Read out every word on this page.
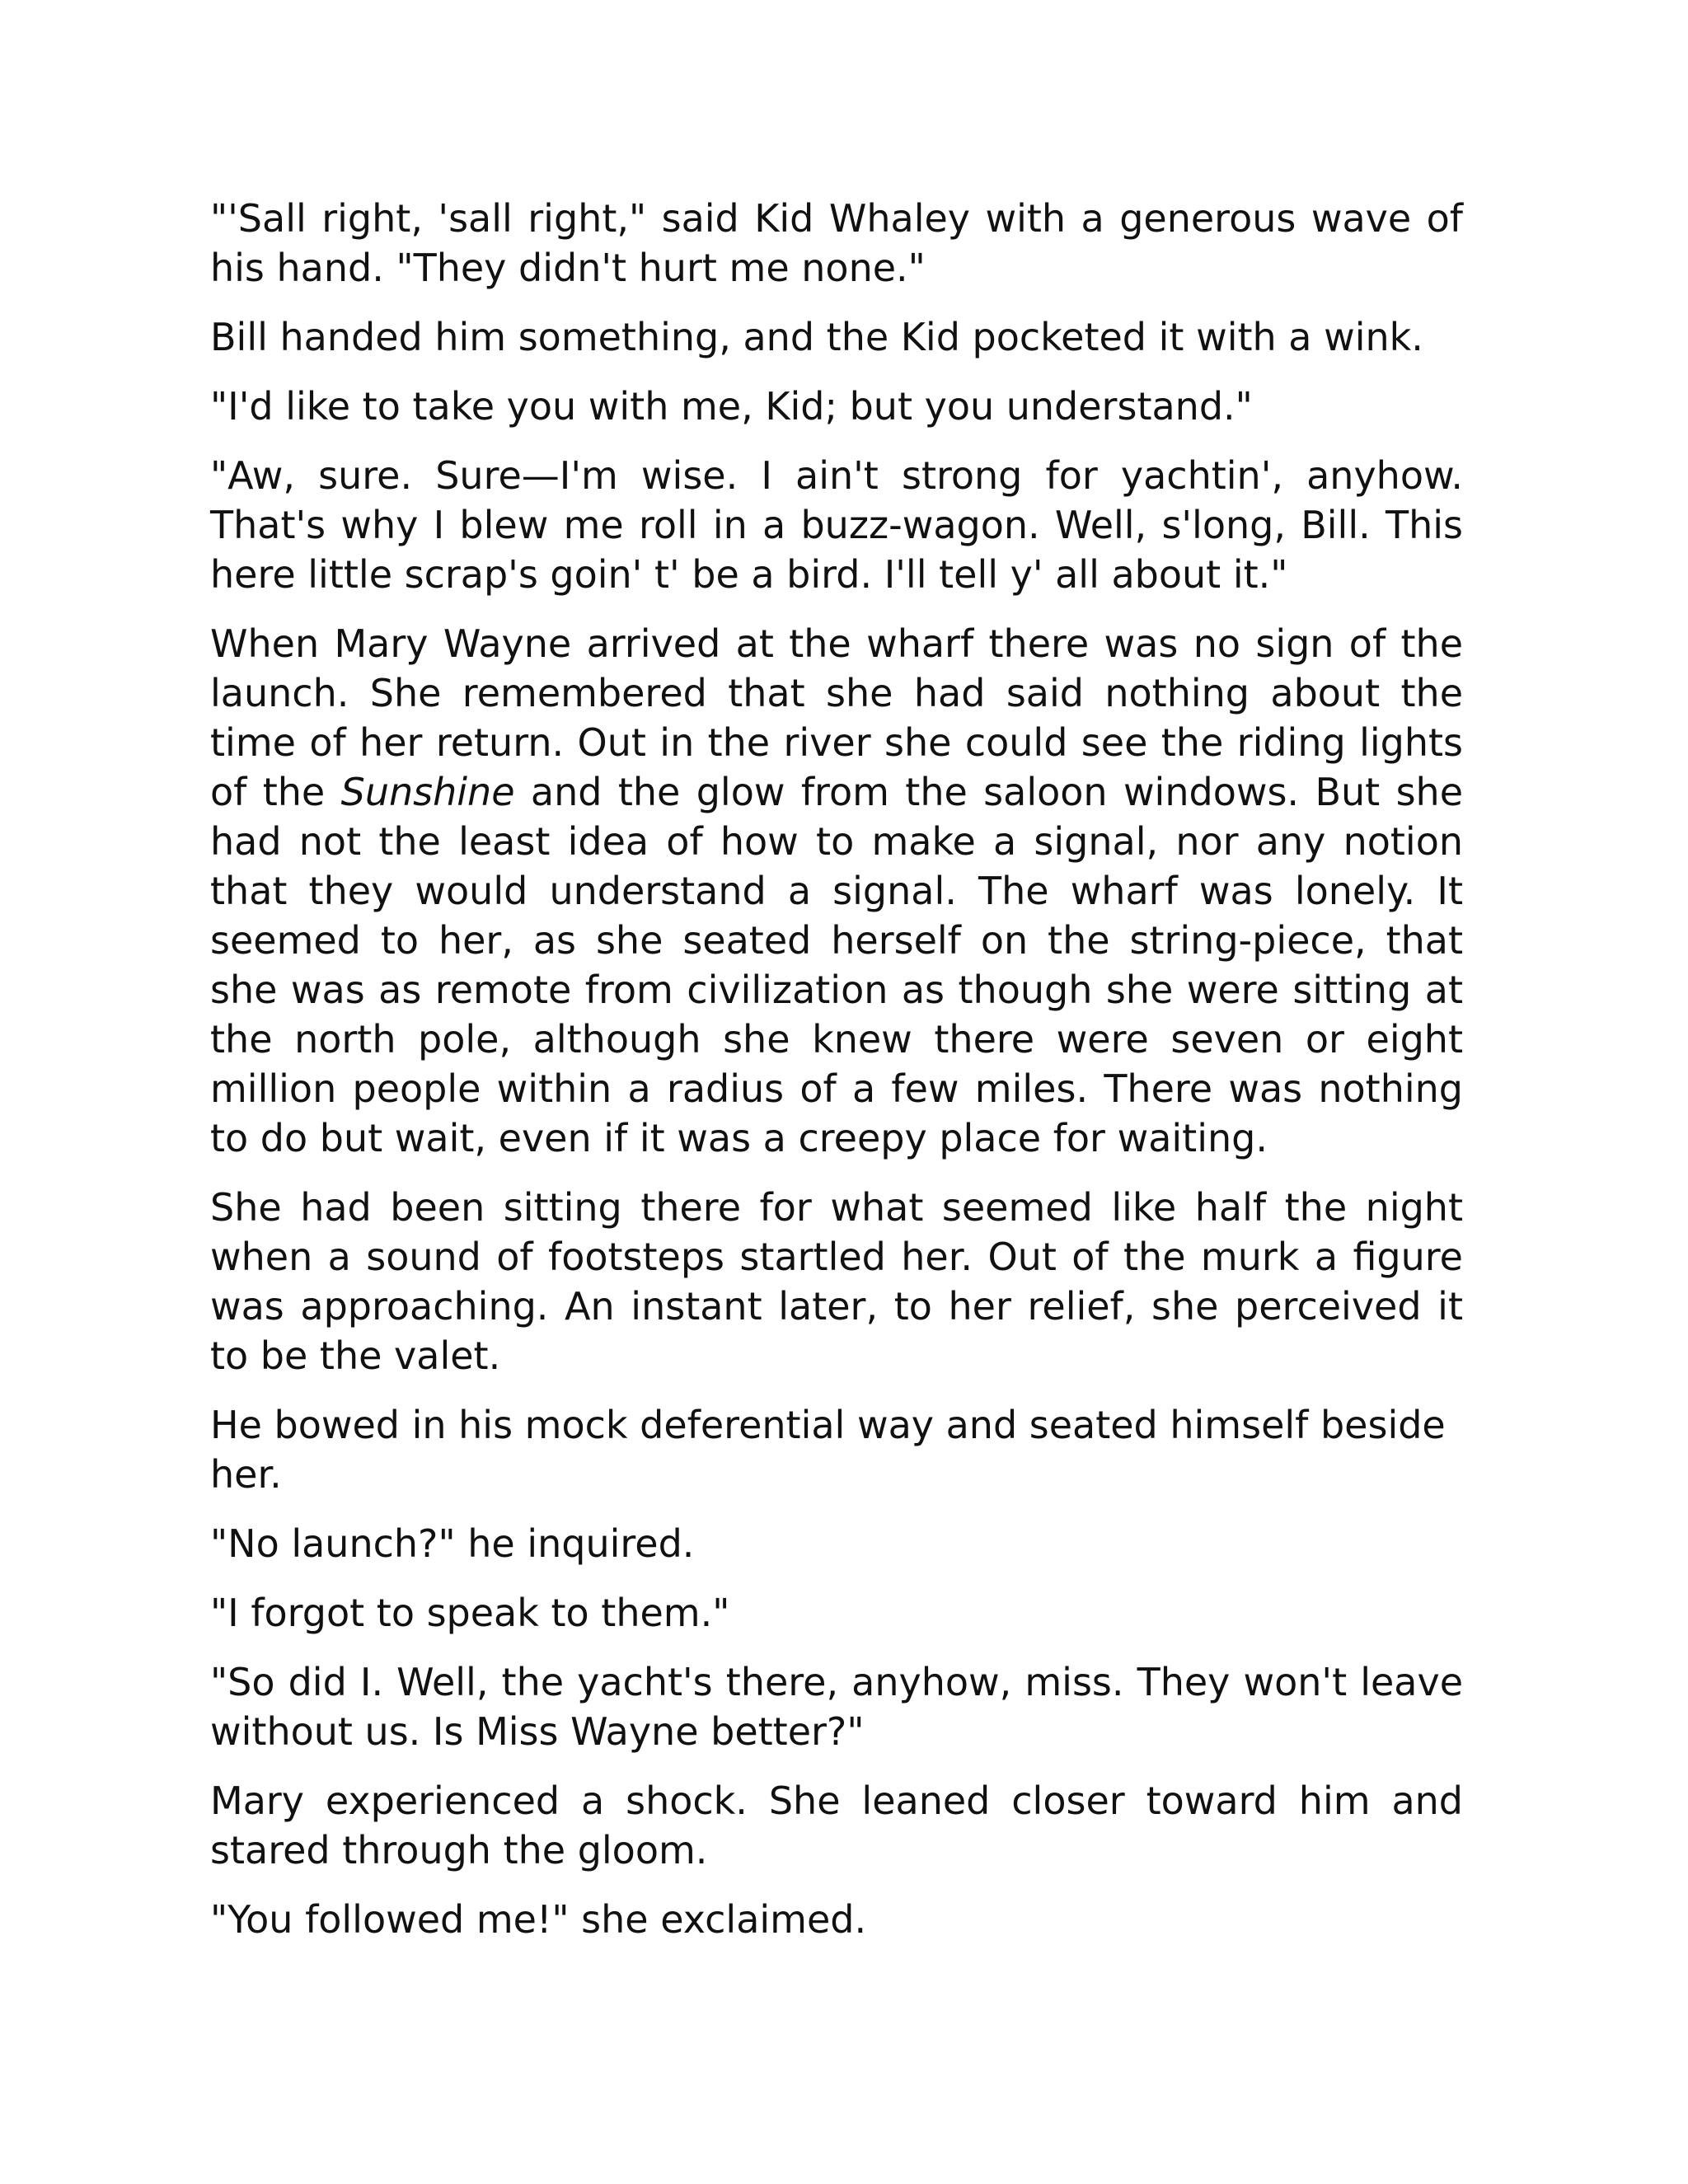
"'Sall right, 'sall right," said Kid Whaley with a generous wave of his hand. "They didn't hurt me none."

Bill handed him something, and the Kid pocketed it with a wink.

"I'd like to take you with me, Kid; but you understand."

"Aw, sure. Sure—I'm wise. I ain't strong for yachtin', anyhow. That's why I blew me roll in a buzz-wagon. Well, s'long, Bill. This here little scrap's goin' t' be a bird. I'll tell y' all about it."

When Mary Wayne arrived at the wharf there was no sign of the launch. She remembered that she had said nothing about the time of her return. Out in the river she could see the riding lights of the Sunshine and the glow from the saloon windows. But she had not the least idea of how to make a signal, nor any notion that they would understand a signal. The wharf was lonely. It seemed to her, as she seated herself on the string-piece, that she was as remote from civilization as though she were sitting at the north pole, although she knew there were seven or eight million people within a radius of a few miles. There was nothing to do but wait, even if it was a creepy place for waiting.

She had been sitting there for what seemed like half the night when a sound of footsteps startled her. Out of the murk a figure was approaching. An instant later, to her relief, she perceived it to be the valet.

He bowed in his mock deferential way and seated himself beside her.

"No launch?" he inquired.

"I forgot to speak to them."

"So did I. Well, the yacht's there, anyhow, miss. They won't leave without us. Is Miss Wayne better?"

Mary experienced a shock. She leaned closer toward him and stared through the gloom.

"You followed me!" she exclaimed.
